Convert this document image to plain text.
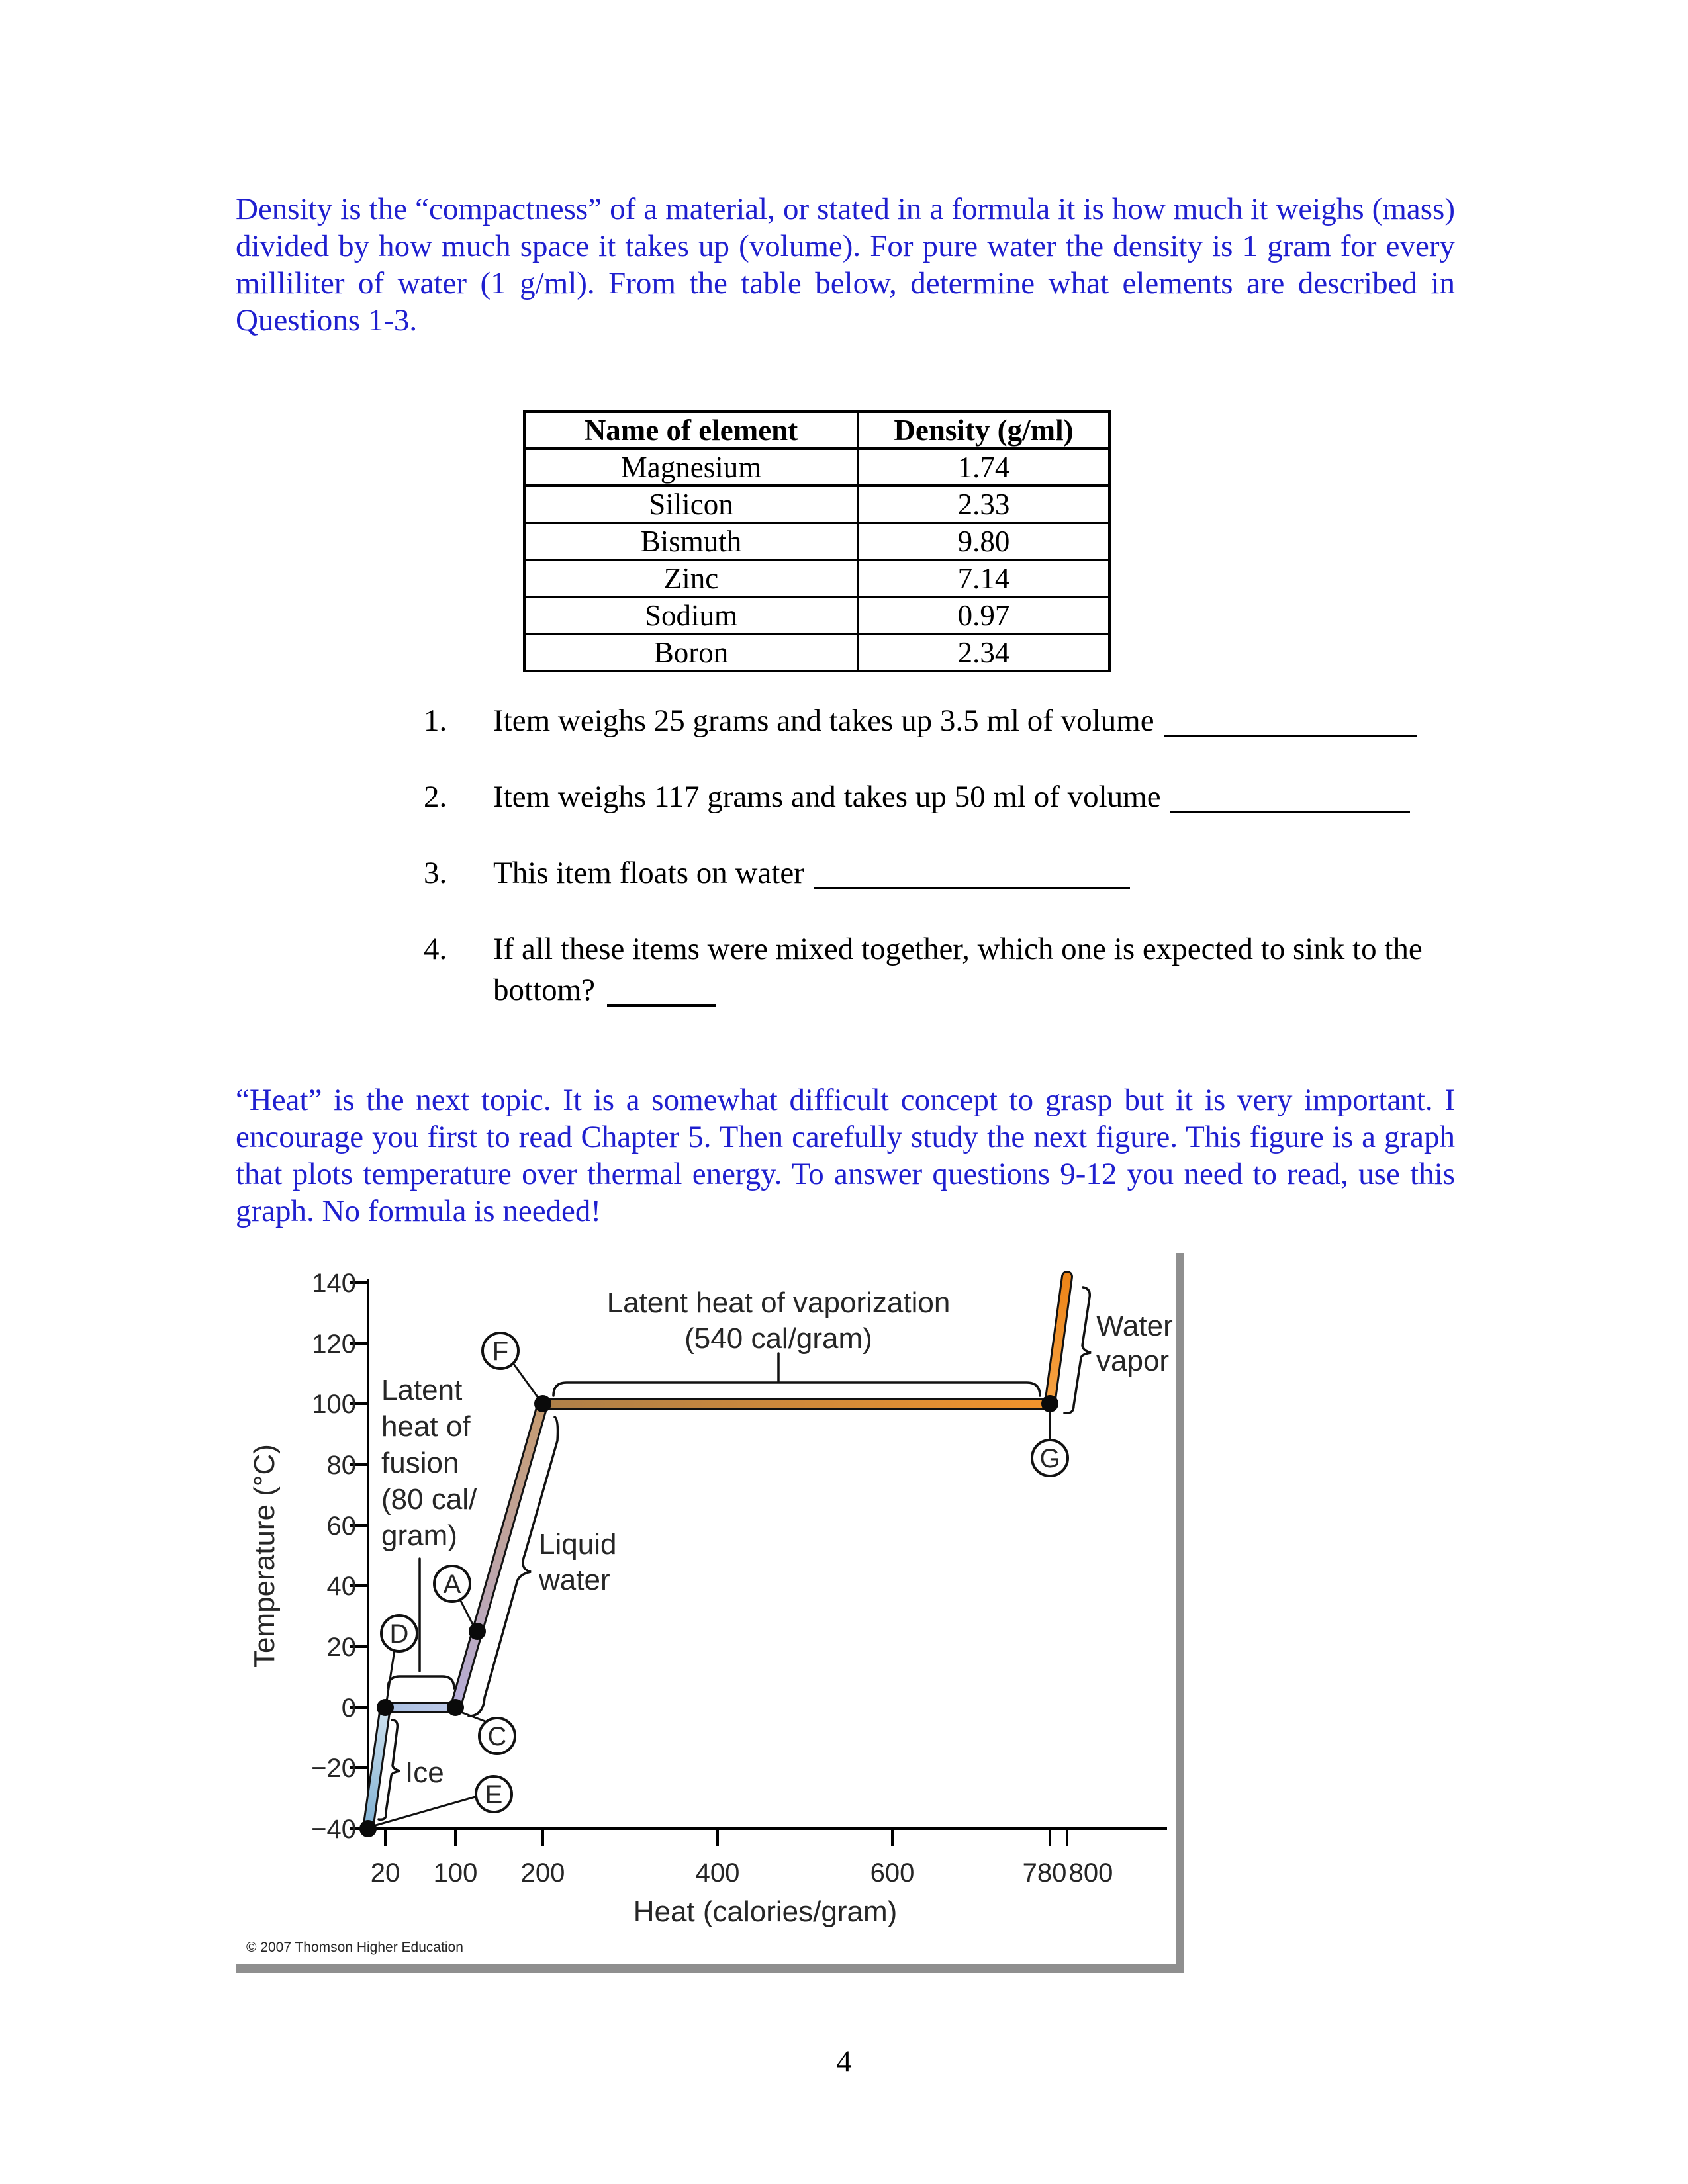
Density is the “compactness” of a material, or stated in a formula it is how much it weighs (mass) divided by how much space it takes up (volume). For pure water the density is 1 gram for every milliliter of water (1 g/ml). From the table below, determine what elements are described in Questions 1-3.

Name of element	Density (g/ml)
Magnesium	1.74
Silicon	2.33
Bismuth	9.80
Zinc	7.14
Sodium	0.97
Boron	2.34
1. Item weighs 25 grams and takes up 3.5 ml of volume
2. Item weighs 117 grams and takes up 50 ml of volume
3. This item floats on water
4. If all these items were mixed together, which one is expected to sink to the
bottom?

“Heat” is the next topic. It is a somewhat difficult concept to grasp but it is very important. I encourage you first to read Chapter 5. Then carefully study the next figure. This figure is a graph that plots temperature over thermal energy. To answer questions 9-12 you need to read, use this graph. No formula is needed!

140
120
100
80
60
40
20
0
−20
−40
20 100 200	400	600	780 800
Temperature (°C)
Heat (calories/gram)
Latent heat of vaporization
(540 cal/gram)
Latent
heat of
fusion
(80 cal/
gram)	Liquid
water
Water
vapor
Ice
E
D
C
A
F
G
© 2007 Thomson Higher Education
4
